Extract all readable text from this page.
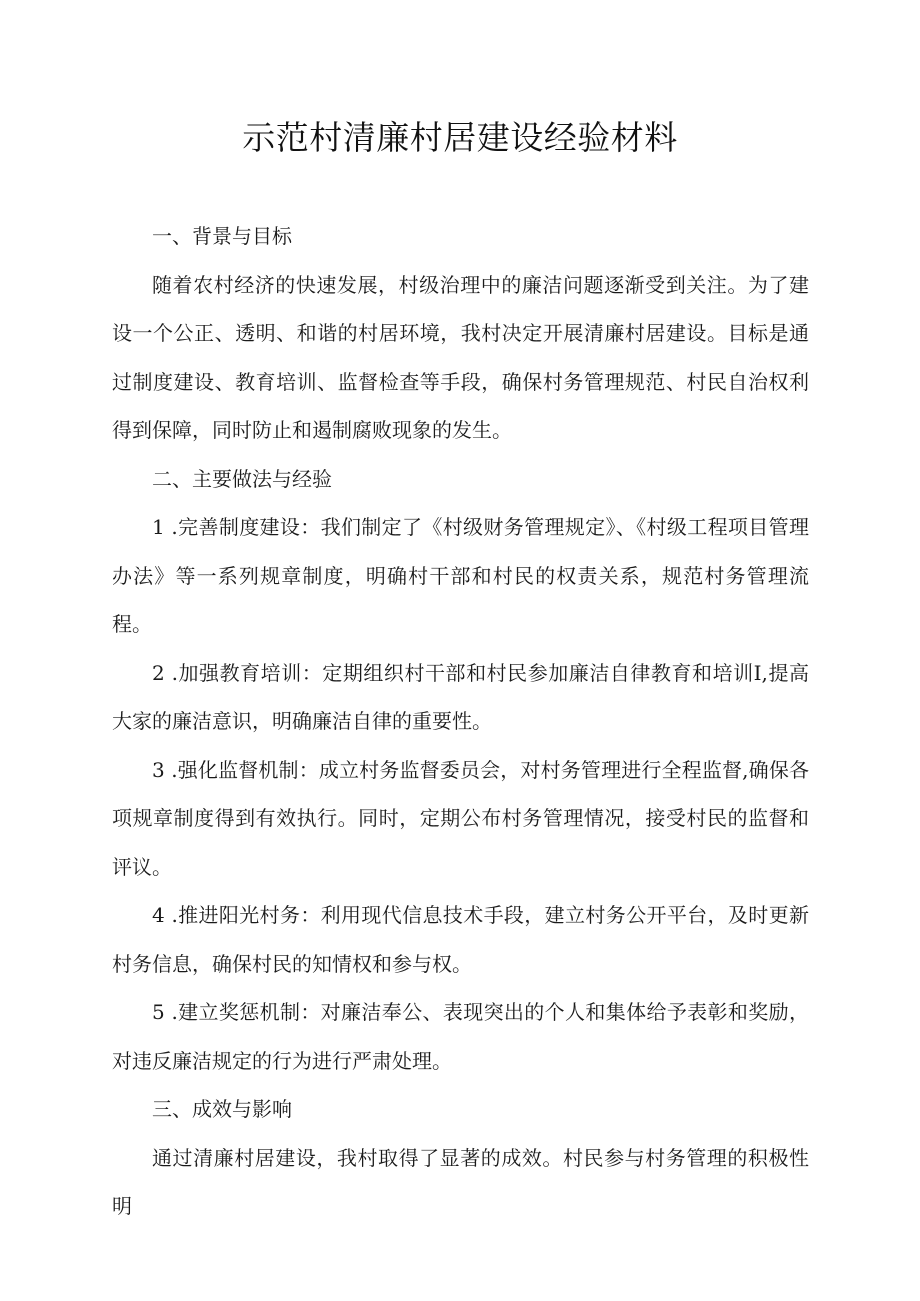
示范村清廉村居建设经验材料

一、背景与目标

随着农村经济的快速发展，村级治理中的廉洁问题逐渐受到关注。为了建设一个公正、透明、和谐的村居环境，我村决定开展清廉村居建设。目标是通过制度建设、教育培训、监督检查等手段，确保村务管理规范、村民自治权利得到保障，同时防止和遏制腐败现象的发生。

二、主要做法与经验

1 .完善制度建设：我们制定了《村级财务管理规定》、《村级工程项目管理办法》等一系列规章制度，明确村干部和村民的权责关系，规范村务管理流程。

2 .加强教育培训：定期组织村干部和村民参加廉洁自律教育和培训I,提高大家的廉洁意识，明确廉洁自律的重要性。

3 .强化监督机制：成立村务监督委员会，对村务管理进行全程监督,确保各项规章制度得到有效执行。同时，定期公布村务管理情况，接受村民的监督和评议。

4 .推进阳光村务：利用现代信息技术手段，建立村务公开平台，及时更新村务信息，确保村民的知情权和参与权。

5 .建立奖惩机制：对廉洁奉公、表现突出的个人和集体给予表彰和奖励，对违反廉洁规定的行为进行严肃处理。

三、成效与影响

通过清廉村居建设，我村取得了显著的成效。村民参与村务管理的积极性明
